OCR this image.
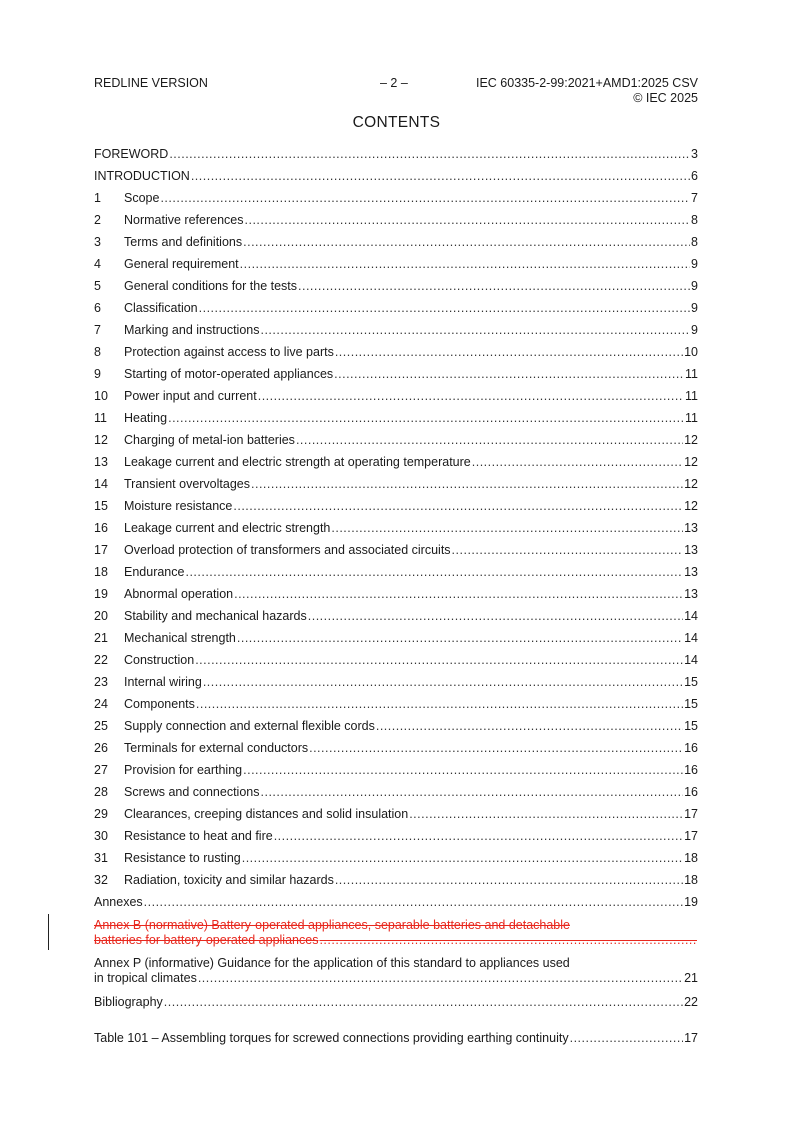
REDLINE VERSION	– 2 –	IEC 60335-2-99:2021+AMD1:2025 CSV
© IEC 2025
CONTENTS
FOREWORD .....	3
INTRODUCTION .....	6
1	Scope .....	7
2	Normative references .....	8
3	Terms and definitions .....	8
4	General requirement .....	9
5	General conditions for the tests .....	9
6	Classification .....	9
7	Marking and instructions .....	9
8	Protection against access to live parts .....	10
9	Starting of motor-operated appliances .....	11
10	Power input and current .....	11
11	Heating .....	11
12	Charging of metal-ion batteries .....	12
13	Leakage current and electric strength at operating temperature .....	12
14	Transient overvoltages .....	12
15	Moisture resistance .....	12
16	Leakage current and electric strength .....	13
17	Overload protection of transformers and associated circuits .....	13
18	Endurance .....	13
19	Abnormal operation .....	13
20	Stability and mechanical hazards .....	14
21	Mechanical strength .....	14
22	Construction .....	14
23	Internal wiring .....	15
24	Components .....	15
25	Supply connection and external flexible cords .....	15
26	Terminals for external conductors .....	16
27	Provision for earthing .....	16
28	Screws and connections .....	16
29	Clearances, creeping distances and solid insulation .....	17
30	Resistance to heat and fire .....	17
31	Resistance to rusting .....	18
32	Radiation, toxicity and similar hazards .....	18
Annexes .....	19
Annex B (normative) Battery-operated appliances, separable batteries and detachable
batteries for battery-operated appliances
.....
Annex P (informative) Guidance for the application of this standard to appliances used
in tropical climates .....	21
Bibliography .....	22
Table 101 – Assembling torques for screwed connections providing earthing continuity .....	17
